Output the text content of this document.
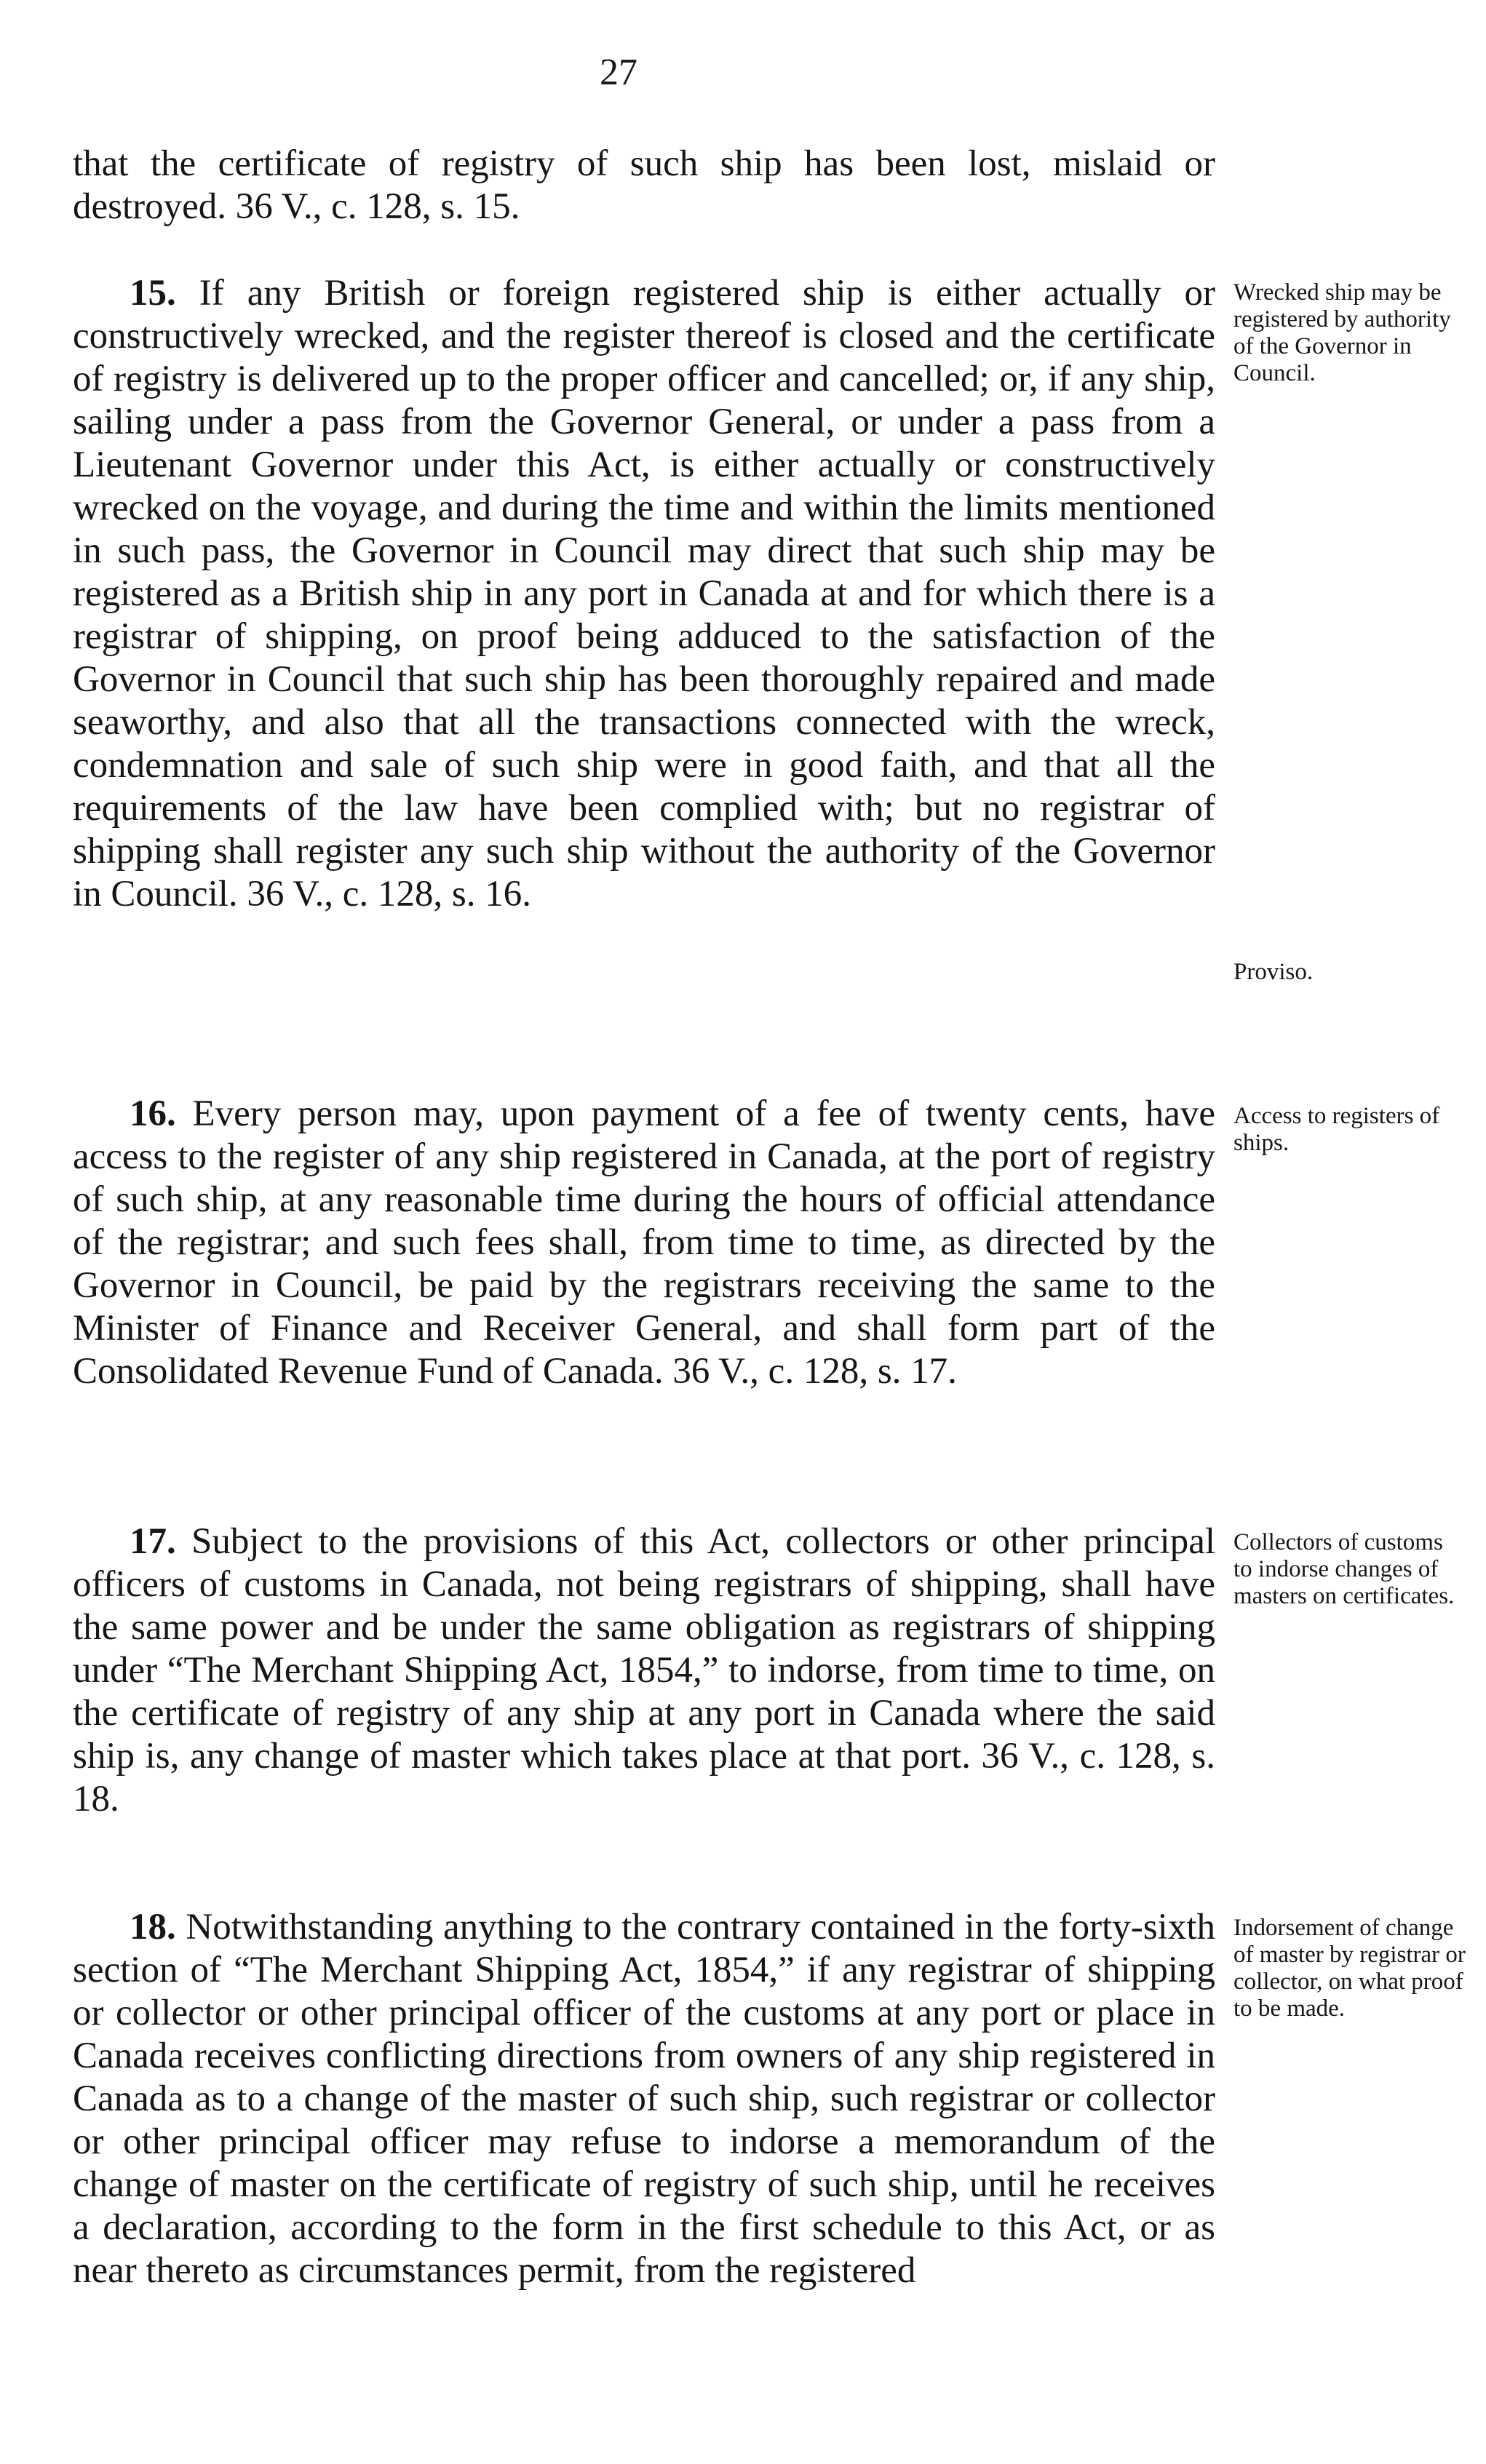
27

that the certificate of registry of such ship has been lost, mislaid or destroyed. 36 V., c. 128, s. 15.

15. If any British or foreign registered ship is either actually or constructively wrecked, and the register thereof is closed and the certificate of registry is delivered up to the proper officer and cancelled; or, if any ship, sailing under a pass from the Governor General, or under a pass from a Lieutenant Governor under this Act, is either actually or constructively wrecked on the voyage, and during the time and within the limits mentioned in such pass, the Governor in Council may direct that such ship may be registered as a British ship in any port in Canada at and for which there is a registrar of shipping, on proof being adduced to the satisfaction of the Governor in Council that such ship has been thoroughly repaired and made seaworthy, and also that all the transactions connected with the wreck, condemnation and sale of such ship were in good faith, and that all the requirements of the law have been complied with; but no registrar of shipping shall register any such ship without the authority of the Governor in Council. 36 V., c. 128, s. 16.

16. Every person may, upon payment of a fee of twenty cents, have access to the register of any ship registered in Canada, at the port of registry of such ship, at any reasonable time during the hours of official attendance of the registrar; and such fees shall, from time to time, as directed by the Governor in Council, be paid by the registrars receiving the same to the Minister of Finance and Receiver General, and shall form part of the Consolidated Revenue Fund of Canada. 36 V., c. 128, s. 17.

17. Subject to the provisions of this Act, collectors or other principal officers of customs in Canada, not being registrars of shipping, shall have the same power and be under the same obligation as registrars of shipping under “The Merchant Shipping Act, 1854,” to indorse, from time to time, on the certificate of registry of any ship at any port in Canada where the said ship is, any change of master which takes place at that port. 36 V., c. 128, s. 18.

18. Notwithstanding anything to the contrary contained in the forty-sixth section of “The Merchant Shipping Act, 1854,” if any registrar of shipping or collector or other principal officer of the customs at any port or place in Canada receives conflicting directions from owners of any ship registered in Canada as to a change of the master of such ship, such registrar or collector or other principal officer may refuse to indorse a memorandum of the change of master on the certificate of registry of such ship, until he receives a declaration, according to the form in the first schedule to this Act, or as near thereto as circumstances permit, from the registered

Wrecked ship may be registered by authority of the Governor in Council.
Proviso.
Access to registers of ships.
Collectors of customs to indorse changes of masters on certificates.
Indorsement of change of master by registrar or collector, on what proof to be made.
